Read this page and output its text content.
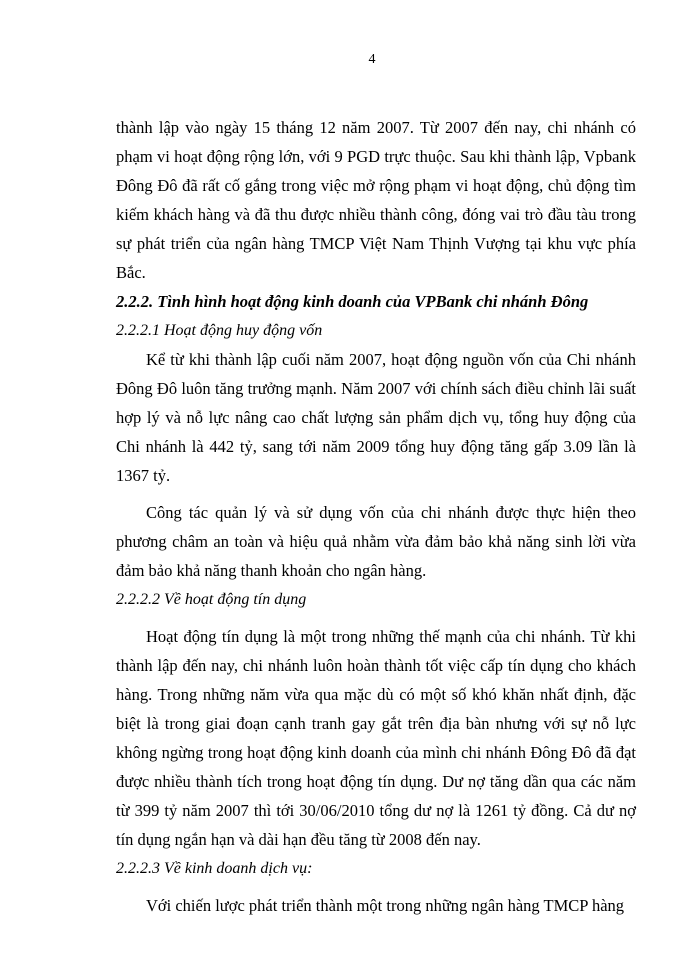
4

thành lập vào ngày 15 tháng 12 năm 2007. Từ 2007 đến nay, chi nhánh có phạm vi hoạt động rộng lớn, với 9 PGD trực thuộc. Sau khi thành lập, Vpbank Đông Đô đã rất cố gắng trong việc mở rộng phạm vi hoạt động, chủ động tìm kiếm khách hàng và đã thu được nhiều thành công, đóng vai trò đầu tàu trong sự phát triển của ngân hàng TMCP Việt Nam Thịnh Vượng tại khu vực phía Bắc.

2.2.2. Tình hình hoạt động kinh doanh của VPBank chi nhánh Đông

2.2.2.1 Hoạt động huy động vốn

Kể từ khi thành lập cuối năm 2007, hoạt động nguồn vốn của Chi nhánh Đông Đô luôn tăng trưởng mạnh. Năm 2007 với chính sách điều chỉnh lãi suất hợp lý và nỗ lực nâng cao chất lượng sản phẩm dịch vụ, tổng huy động của Chi nhánh là 442 tỷ, sang tới năm 2009 tổng huy động tăng gấp 3.09 lần là 1367 tỷ.

Công tác quản lý và sử dụng vốn của chi nhánh được thực hiện theo phương châm an toàn và hiệu quả nhằm vừa đảm bảo khả năng sinh lời vừa đảm bảo khả năng thanh khoản cho ngân hàng.

2.2.2.2 Về hoạt động tín dụng

Hoạt động tín dụng là một trong những thế mạnh của chi nhánh. Từ khi thành lập đến nay, chi nhánh luôn hoàn thành tốt việc cấp tín dụng cho khách hàng. Trong những năm vừa qua mặc dù có một số khó khăn nhất định, đặc biệt là trong giai đoạn cạnh tranh gay gắt trên địa bàn nhưng với sự nỗ lực không ngừng trong hoạt động kinh doanh của mình chi nhánh Đông Đô đã đạt được nhiều thành tích trong hoạt động tín dụng. Dư nợ tăng dần qua các năm từ 399 tỷ năm 2007 thì tới 30/06/2010 tổng dư nợ là 1261 tỷ đồng. Cả dư nợ tín dụng ngắn hạn và dài hạn đều tăng từ 2008 đến nay.

2.2.2.3 Về kinh doanh dịch vụ:

Với chiến lược phát triển thành một trong những ngân hàng TMCP hàng
